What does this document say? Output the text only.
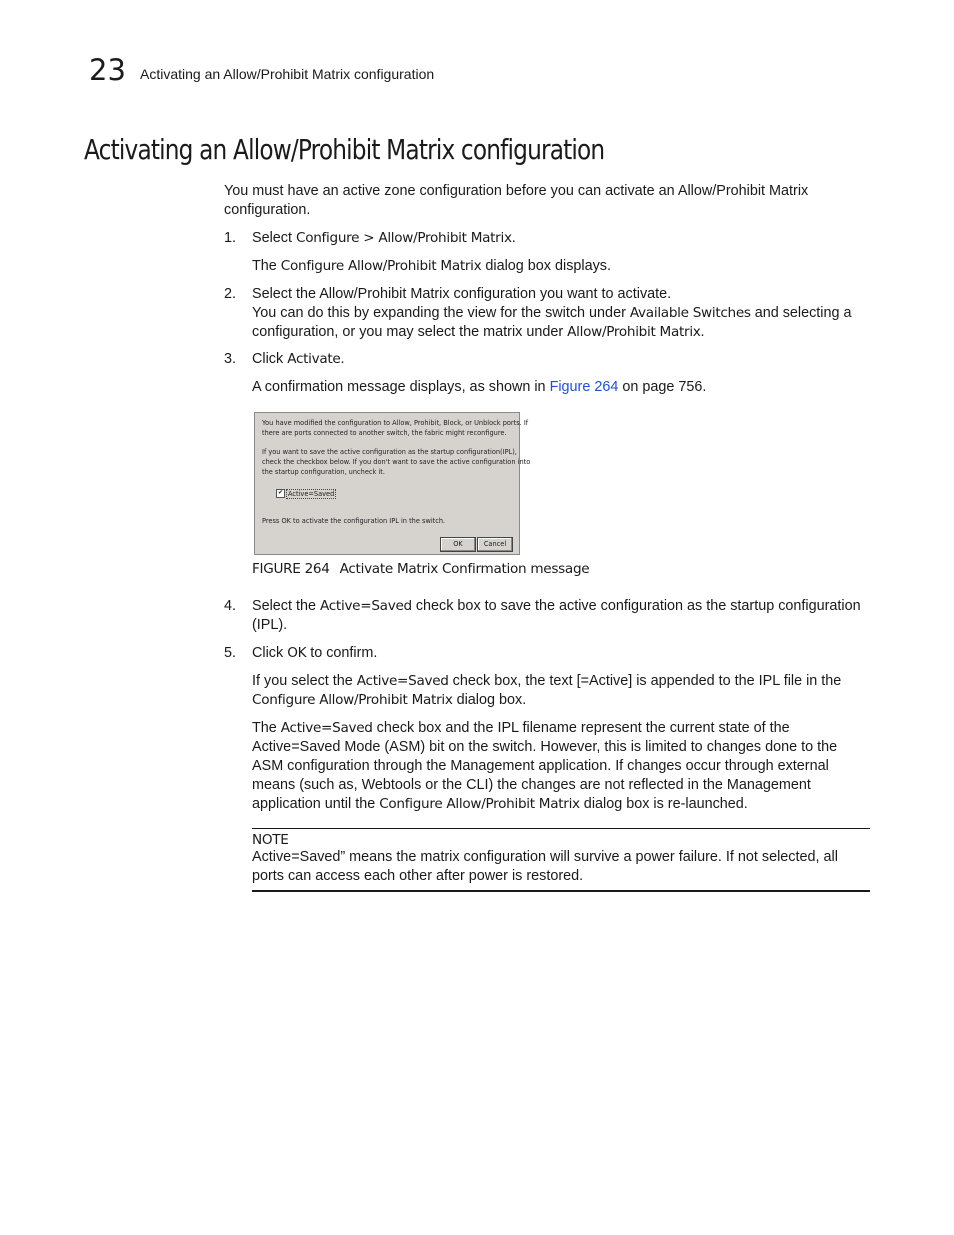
23 Activating an Allow/Prohibit Matrix configuration
Activating an Allow/Prohibit Matrix configuration
You must have an active zone configuration before you can activate an Allow/Prohibit Matrix configuration.
1. Select Configure > Allow/Prohibit Matrix.
The Configure Allow/Prohibit Matrix dialog box displays.
2. Select the Allow/Prohibit Matrix configuration you want to activate.
You can do this by expanding the view for the switch under Available Switches and selecting a configuration, or you may select the matrix under Allow/Prohibit Matrix.
3. Click Activate.
A confirmation message displays, as shown in Figure 264 on page 756.
You have modified the configuration to Allow, Prohibit, Block, or Unblock ports. If
there are ports connected to another switch, the fabric might reconfigure.
If you want to save the active configuration as the startup configuration(IPL),
check the checkbox below. If you don't want to save the active configuration into
the startup configuration, uncheck it.
✔ Active=Saved
Press OK to activate the configuration IPL in the switch.
OK	Cancel
FIGURE 264 Activate Matrix Confirmation message
4. Select the Active=Saved check box to save the active configuration as the startup configuration (IPL).
5. Click OK to confirm.
If you select the Active=Saved check box, the text [=Active] is appended to the IPL file in the Configure Allow/Prohibit Matrix dialog box.
The Active=Saved check box and the IPL filename represent the current state of the Active=Saved Mode (ASM) bit on the switch. However, this is limited to changes done to the ASM configuration through the Management application. If changes occur through external means (such as, Webtools or the CLI) the changes are not reflected in the Management application until the Configure Allow/Prohibit Matrix dialog box is re-launched.
NOTE
Active=Saved” means the matrix configuration will survive a power failure. If not selected, all ports can access each other after power is restored.
